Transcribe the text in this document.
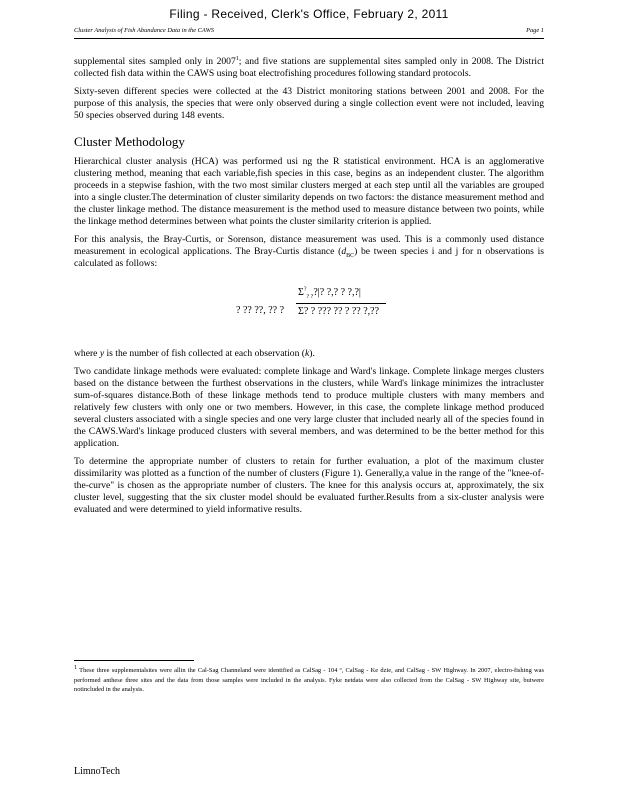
Filing - Received, Clerk's Office, February 2, 2011
Cluster Analysis of Fish Abundance Data in the CAWS	Page 1

supplemental sites sampled only in 2007$^1$; and five stations are supplemental sites sampled only in 2008. The District collected fish data within the CAWS using boat electrofishing procedures following standard protocols.

Sixty-seven different species were collected at the 43 District monitoring stations between 2001 and 2008. For the purpose of this analysis, the species that were only observed during a single collection event were not included, leaving 50 species observed during 148 events.

Cluster Methodology

Hierarchical cluster analysis (HCA) was performed usi ng the R statistical environment. HCA is an agglomerative clustering method, meaning that each variable,fish species in this case, begins as an independent cluster. The algorithm proceeds in a stepwise fashion, with the two most similar clusters merged at each step until all the variables are grouped into a single cluster.The determination of cluster similarity depends on two factors: the distance measurement method and the cluster linkage method. The distance measurement is the method used to measure distance between two points, while the linkage method determines between what points the cluster similarity criterion is applied.

For this analysis, the Bray-Curtis, or Sorenson, distance measurement was used. This is a commonly used distance measurement in ecological applications. The Bray-Curtis distance $(d_{BC})$ be tween species i and j for n observations is calculated as follows:

? ?? ??, ?? ?
$\Sigma^?_{? ?}?|$? ?,? ? ?,?|
Σ? ? ??? ?? ? ?? ?,??

where y is the number of fish collected at each observation (k).

Two candidate linkage methods were evaluated: complete linkage and Ward's linkage. Complete linkage merges clusters based on the distance between the furthest observations in the clusters, while Ward's linkage minimizes the intracluster sum-of-squares distance.Both of these linkage methods tend to produce multiple clusters with many members and relatively few clusters with only one or two members. However, in this case, the complete linkage method produced several clusters associated with a single species and one very large cluster that included nearly all of the species found in the CAWS.Ward's linkage produced clusters with several members, and was determined to be the better method for this application.

To determine the appropriate number of clusters to retain for further evaluation, a plot of the maximum cluster dissimilarity was plotted as a function of the number of clusters (Figure 1). Generally,a value in the range of the "knee-of-the-curve" is chosen as the appropriate number of clusters. The knee for this analysis occurs at, approximately, the six cluster level, suggesting that the six cluster model should be evaluated further.Results from a six-cluster analysis were evaluated and were determined to yield informative results.

$^1$ These three supplementalsites were allin the Cal-Sag Channeland were identified as CalSag - 104 º, CalSag - Ke dzie, and CalSag - SW Highway. In 2007, electro-fishing was performed anthese three sites and the data from those samples were included in the analysis. Fyke netdata were also collected from the CalSag - SW Highway site, butwere notincluded in the analysis.
LimnoTech
